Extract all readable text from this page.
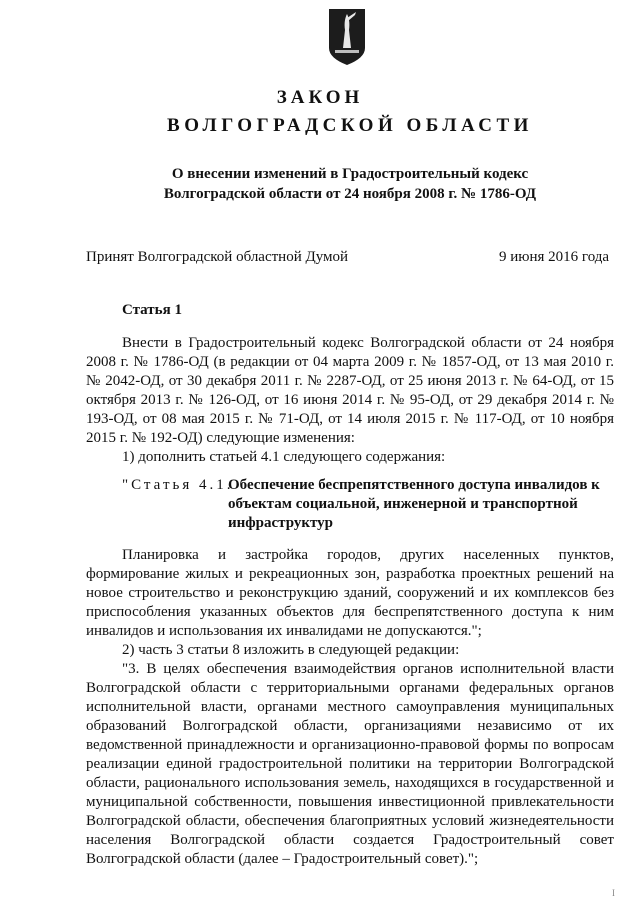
ЗАКОН
ВОЛГОГРАДСКОЙ ОБЛАСТИ
О внесении изменений в Градостроительный кодекс
Волгоградской области от 24 ноября 2008 г. № 1786-ОД
Принят Волгоградской областной Думой	9 июня 2016 года
Статья 1

Внести в Градостроительный кодекс Волгоградской области от 24 ноября 2008 г. № 1786-ОД (в редакции от 04 марта 2009 г. № 1857-ОД, от 13 мая 2010 г. № 2042-ОД, от 30 декабря 2011 г. № 2287-ОД, от 25 июня 2013 г. № 64-ОД, от 15 октября 2013 г. № 126-ОД, от 16 июня 2014 г. № 95-ОД, от 29 декабря 2014 г. № 193-ОД, от 08 мая 2015 г. № 71-ОД, от 14 июля 2015 г. № 117-ОД, от 10 ноября 2015 г. № 192-ОД) следующие изменения:

1) дополнить статьей 4.1 следующего содержания:

"Статья 4.1.
Обеспечение беспрепятственного доступа инвалидов к объектам социальной, инженерной и транспортной инфраструктур

Планировка и застройка городов, других населенных пунктов, формирование жилых и рекреационных зон, разработка проектных решений на новое строительство и реконструкцию зданий, сооружений и их комплексов без приспособления указанных объектов для беспрепятственного доступа к ним инвалидов и использования их инвалидами не допускаются.";

2) часть 3 статьи 8 изложить в следующей редакции:

"3. В целях обеспечения взаимодействия органов исполнительной власти Волгоградской области с территориальными органами федеральных органов исполнительной власти, органами местного самоуправления муниципальных образований Волгоградской области, организациями независимо от их ведомственной принадлежности и организационно-правовой формы по вопросам реализации единой градостроительной политики на территории Волгоградской области, рационального использования земель, находящихся в государственной и муниципальной собственности, повышения инвестиционной привлекательности Волгоградской области, обеспечения благоприятных условий жизнедеятельности населения Волгоградской области создается Градостроительный совет Волгоградской области (далее – Градостроительный совет).";

I
